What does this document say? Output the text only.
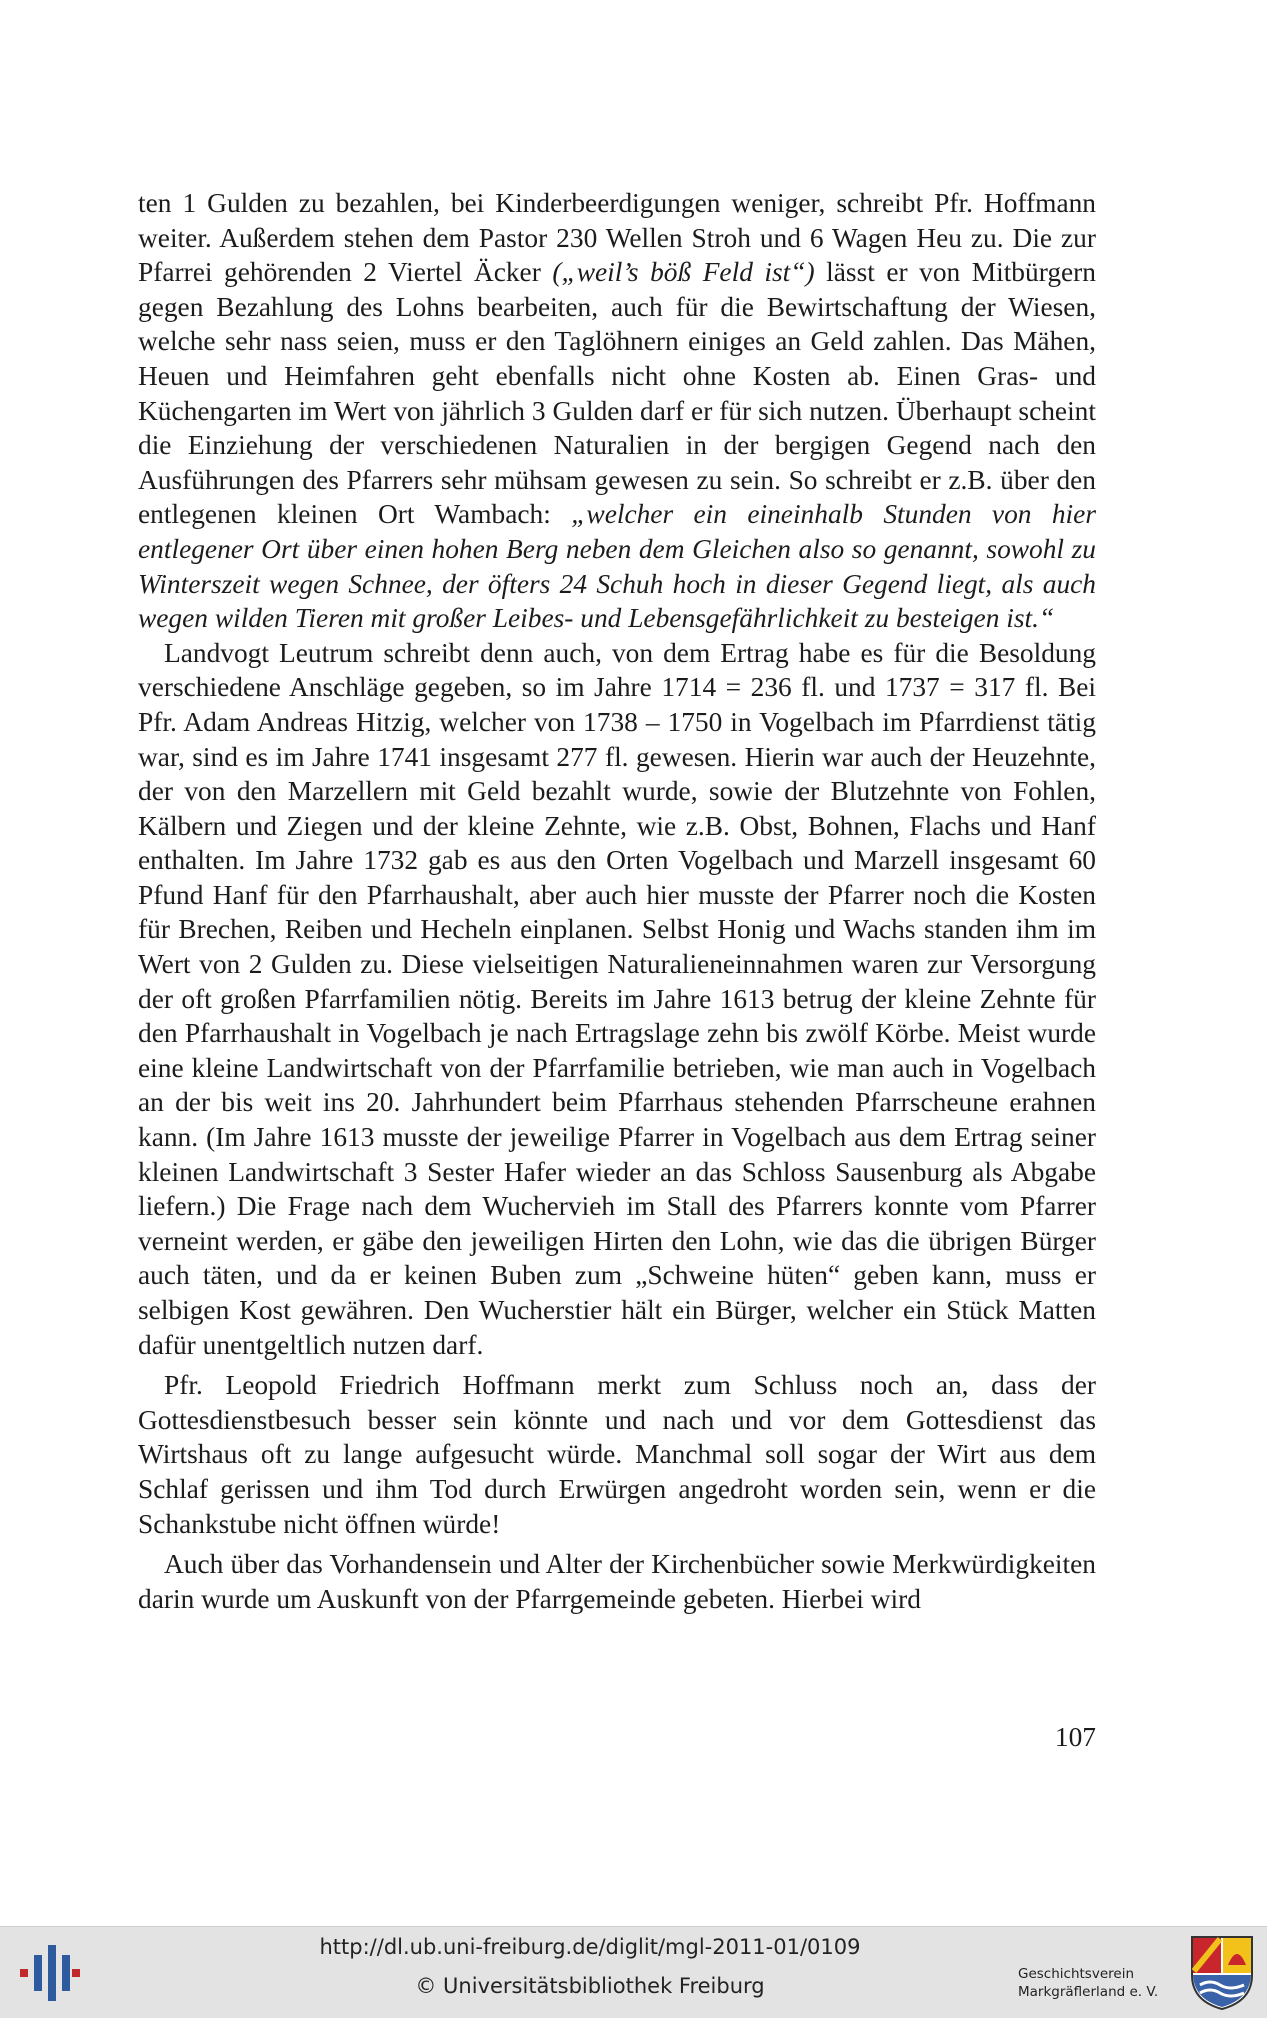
ten 1 Gulden zu bezahlen, bei Kinderbeerdigungen weniger, schreibt Pfr. Hoffmann weiter. Außerdem stehen dem Pastor 230 Wellen Stroh und 6 Wagen Heu zu. Die zur Pfarrei gehörenden 2 Viertel Äcker („weil’s böß Feld ist“) lässt er von Mitbürgern gegen Bezahlung des Lohns bearbeiten, auch für die Bewirtschaftung der Wiesen, welche sehr nass seien, muss er den Taglöhnern einiges an Geld zahlen. Das Mähen, Heuen und Heimfahren geht ebenfalls nicht ohne Kosten ab. Einen Gras- und Küchengarten im Wert von jährlich 3 Gulden darf er für sich nutzen. Überhaupt scheint die Einziehung der verschiedenen Naturalien in der bergigen Gegend nach den Ausführungen des Pfarrers sehr mühsam gewesen zu sein. So schreibt er z.B. über den entlegenen kleinen Ort Wambach: „welcher ein eineinhalb Stunden von hier entlegener Ort über einen hohen Berg neben dem Gleichen also so genannt, sowohl zu Winterszeit wegen Schnee, der öfters 24 Schuh hoch in dieser Gegend liegt, als auch wegen wilden Tieren mit großer Leibes- und Lebensgefährlichkeit zu besteigen ist.“

Landvogt Leutrum schreibt denn auch, von dem Ertrag habe es für die Besoldung verschiedene Anschläge gegeben, so im Jahre 1714 = 236 fl. und 1737 = 317 fl. Bei Pfr. Adam Andreas Hitzig, welcher von 1738 – 1750 in Vogelbach im Pfarrdienst tätig war, sind es im Jahre 1741 insgesamt 277 fl. gewesen. Hierin war auch der Heuzehnte, der von den Marzellern mit Geld bezahlt wurde, sowie der Blutzehnte von Fohlen, Kälbern und Ziegen und der kleine Zehnte, wie z.B. Obst, Bohnen, Flachs und Hanf enthalten. Im Jahre 1732 gab es aus den Orten Vogelbach und Marzell insgesamt 60 Pfund Hanf für den Pfarrhaushalt, aber auch hier musste der Pfarrer noch die Kosten für Brechen, Reiben und Hecheln einplanen. Selbst Honig und Wachs standen ihm im Wert von 2 Gulden zu. Diese vielseitigen Naturalieneinnahmen waren zur Versorgung der oft großen Pfarrfamilien nötig. Bereits im Jahre 1613 betrug der kleine Zehnte für den Pfarrhaushalt in Vogelbach je nach Ertragslage zehn bis zwölf Körbe. Meist wurde eine kleine Landwirtschaft von der Pfarrfamilie betrieben, wie man auch in Vogelbach an der bis weit ins 20. Jahrhundert beim Pfarrhaus stehenden Pfarrscheune erahnen kann. (Im Jahre 1613 musste der jeweilige Pfarrer in Vogelbach aus dem Ertrag seiner kleinen Landwirtschaft 3 Sester Hafer wieder an das Schloss Sausenburg als Abgabe liefern.) Die Frage nach dem Wuchervieh im Stall des Pfarrers konnte vom Pfarrer verneint werden, er gäbe den jeweiligen Hirten den Lohn, wie das die übrigen Bürger auch täten, und da er keinen Buben zum „Schweine hüten“ geben kann, muss er selbigen Kost gewähren. Den Wucherstier hält ein Bürger, welcher ein Stück Matten dafür unentgeltlich nutzen darf.

Pfr. Leopold Friedrich Hoffmann merkt zum Schluss noch an, dass der Gottesdienstbesuch besser sein könnte und nach und vor dem Gottesdienst das Wirtshaus oft zu lange aufgesucht würde. Manchmal soll sogar der Wirt aus dem Schlaf gerissen und ihm Tod durch Erwürgen angedroht worden sein, wenn er die Schankstube nicht öffnen würde!

Auch über das Vorhandensein und Alter der Kirchenbücher sowie Merkwürdigkeiten darin wurde um Auskunft von der Pfarrgemeinde gebeten. Hierbei wird

107
http://dl.ub.uni-freiburg.de/diglit/mgl-2011-01/0109
© Universitätsbibliothek Freiburg	Geschichtsverein
Markgräflerland e. V.
